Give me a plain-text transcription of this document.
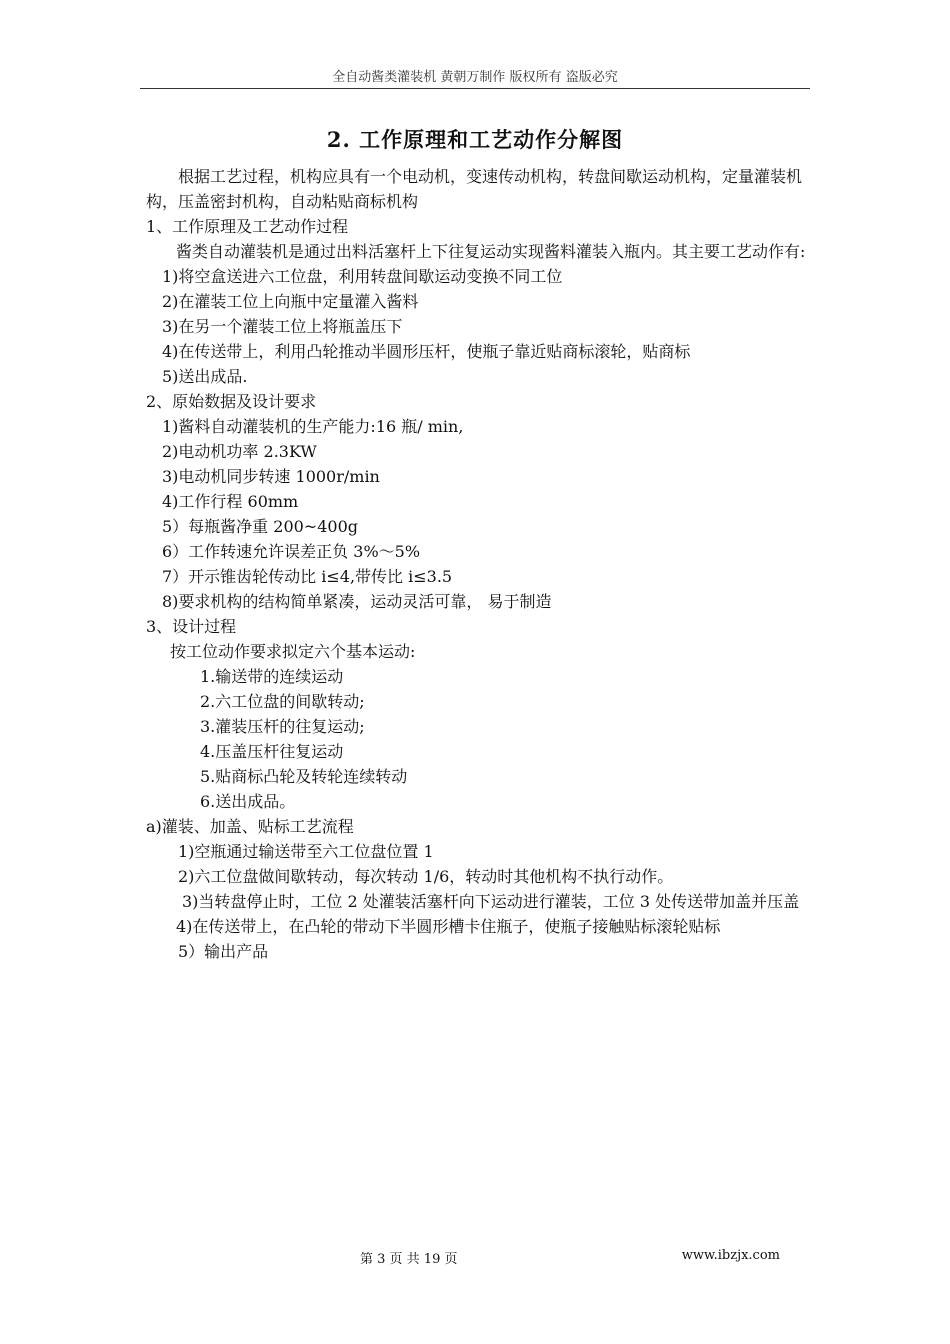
全自动酱类灌装机 黄朝万制作 版权所有 盗版必究
2. 工作原理和工艺动作分解图
根据工艺过程，机构应具有一个电动机，变速传动机构，转盘间歇运动机构，定量灌装机构，压盖密封机构，自动粘贴商标机构
1、工作原理及工艺动作过程
酱类自动灌装机是通过出料活塞杆上下往复运动实现酱料灌装入瓶内。其主要工艺动作有:
1)将空盒送进六工位盘，利用转盘间歇运动变换不同工位
2)在灌装工位上向瓶中定量灌入酱料
3)在另一个灌装工位上将瓶盖压下
4)在传送带上，利用凸轮推动半圆形压杆，使瓶子靠近贴商标滚轮，贴商标
5)送出成品.
2、原始数据及设计要求
1)酱料自动灌装机的生产能力:16 瓶/ min,
2)电动机功率 2.3KW
3)电动机同步转速 1000r/min
4)工作行程 60mm
5）每瓶酱净重 200~400g
6）工作转速允许误差正负 3%～5%
7）开示锥齿轮传动比 i≤4,带传比 i≤3.5
8)要求机构的结构简单紧凑，运动灵活可靠， 易于制造
3、设计过程
按工位动作要求拟定六个基本运动:
1.输送带的连续运动
2.六工位盘的间歇转动;
3.灌装压杆的往复运动;
4.压盖压杆往复运动
5.贴商标凸轮及转轮连续转动
6.送出成品。
a)灌装、加盖、贴标工艺流程
1)空瓶通过输送带至六工位盘位置 1
2)六工位盘做间歇转动，每次转动 1/6，转动时其他机构不执行动作。
3)当转盘停止时，工位 2 处灌装活塞杆向下运动进行灌装，工位 3 处传送带加盖并压盖
4)在传送带上，在凸轮的带动下半圆形槽卡住瓶子，使瓶子接触贴标滚轮贴标
5）输出产品
第 3 页 共 19 页	www.ibzjx.com
